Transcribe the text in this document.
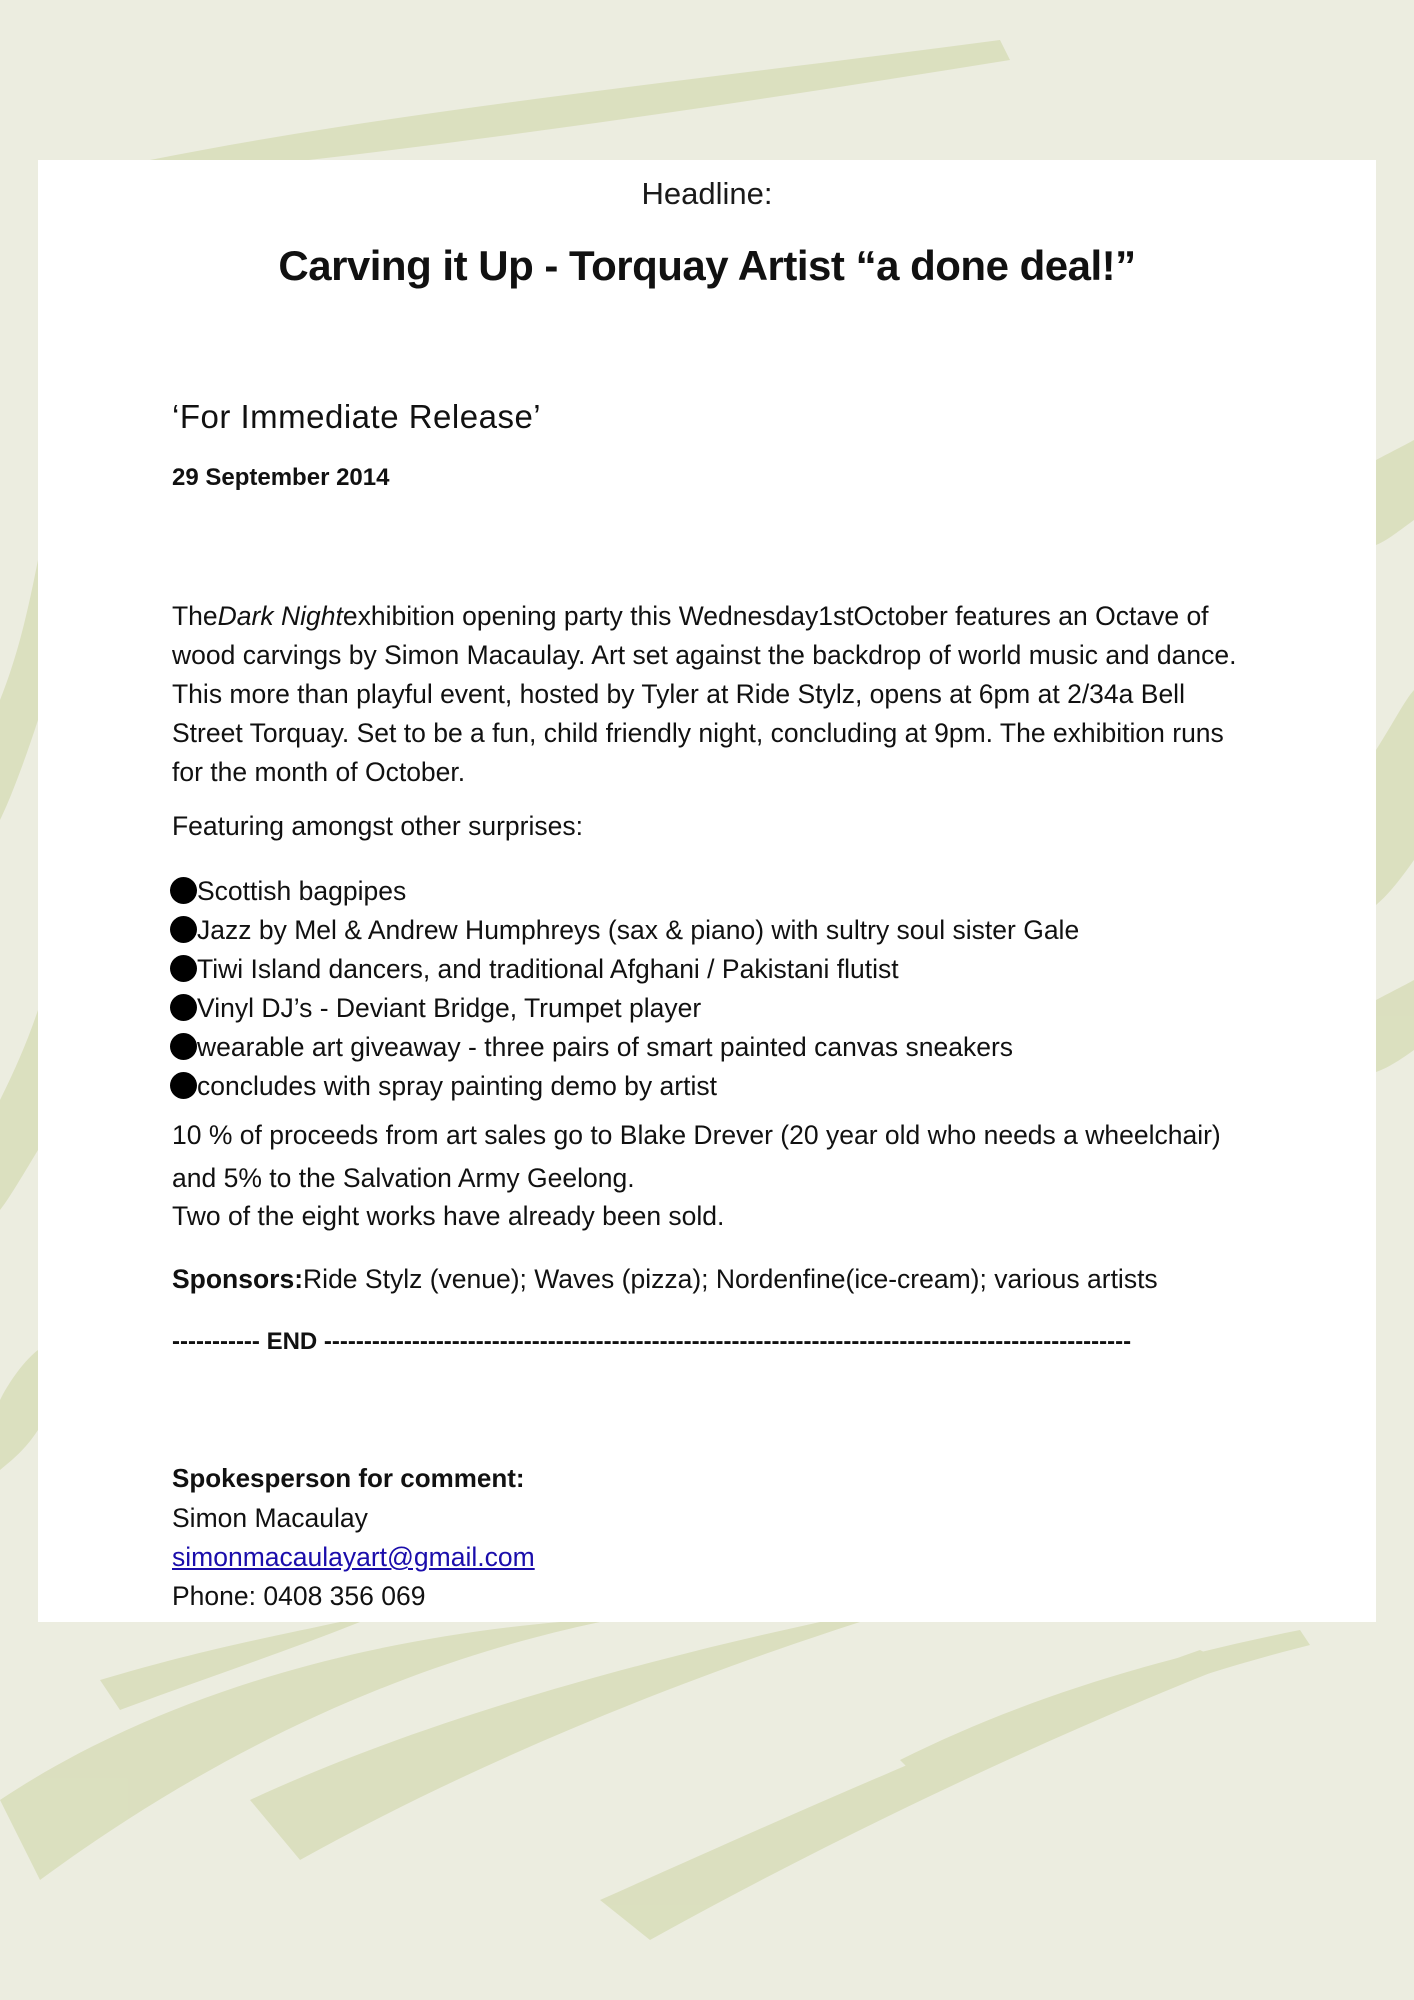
Headline:
Carving it Up - Torquay Artist “a done deal!”
‘For Immediate Release’
29 September 2014
TheDark Nightexhibition opening party this Wednesday1stOctober features an Octave of wood carvings by Simon Macaulay. Art set against the backdrop of world music and dance. This more than playful event, hosted by Tyler at Ride Stylz, opens at 6pm at 2/34a Bell Street Torquay. Set to be a fun, child friendly night, concluding at 9pm. The exhibition runs for the month of October.
Featuring amongst other surprises:
Scottish bagpipes
Jazz by Mel & Andrew Humphreys (sax & piano) with sultry soul sister Gale
Tiwi Island dancers, and traditional Afghani / Pakistani flutist
Vinyl DJ’s - Deviant Bridge, Trumpet player
wearable art giveaway - three pairs of smart painted canvas sneakers
concludes with spray painting demo by artist
10 % of proceeds from art sales go to Blake Drever (20 year old who needs a wheelchair) and 5% to the Salvation Army Geelong.
Two of the eight works have already been sold.
Sponsors:Ride Stylz (venue); Waves (pizza); Nordenfine(ice-cream); various artists
----------- END -----------------------------------------------------------------------------------------------------
Spokesperson for comment:
Simon Macaulay
simonmacaulayart@gmail.com
Phone: 0408 356 069
